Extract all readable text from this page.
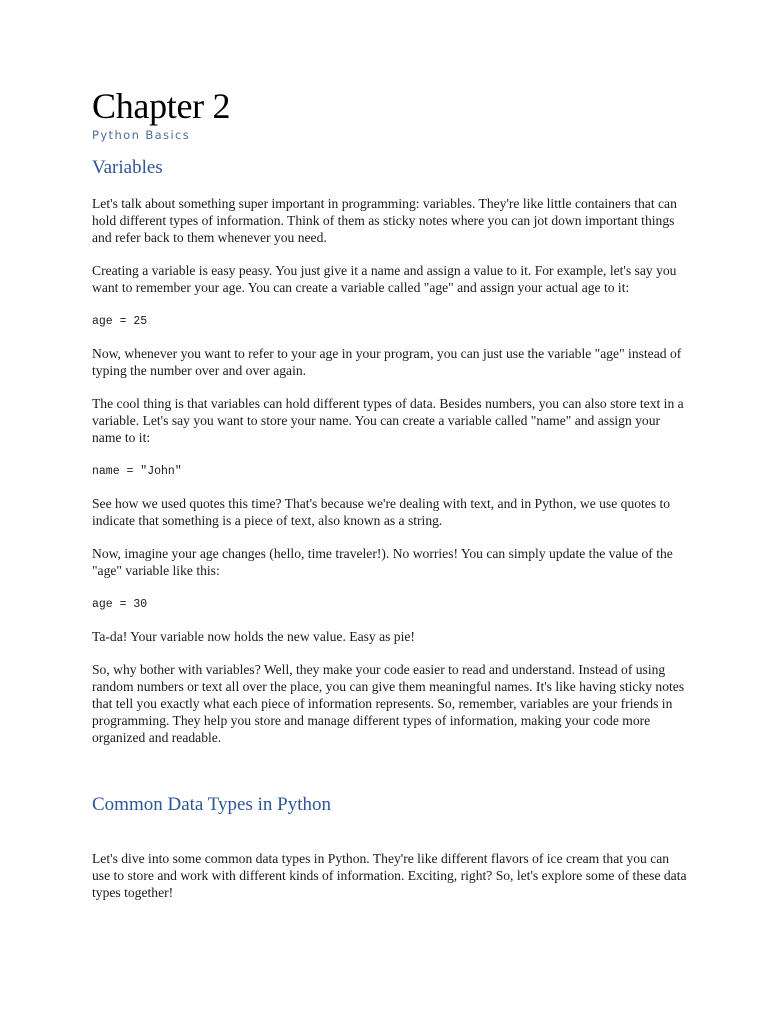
Chapter 2
Python Basics
Variables

Let's talk about something super important in programming: variables. They're like little containers that can hold different types of information. Think of them as sticky notes where you can jot down important things and refer back to them whenever you need.

Creating a variable is easy peasy. You just give it a name and assign a value to it. For example, let's say you want to remember your age. You can create a variable called "age" and assign your actual age to it:

age = 25

Now, whenever you want to refer to your age in your program, you can just use the variable "age" instead of typing the number over and over again.

The cool thing is that variables can hold different types of data. Besides numbers, you can also store text in a variable. Let's say you want to store your name. You can create a variable called "name" and assign your name to it:

name = "John"

See how we used quotes this time? That's because we're dealing with text, and in Python, we use quotes to indicate that something is a piece of text, also known as a string.

Now, imagine your age changes (hello, time traveler!). No worries! You can simply update the value of the "age" variable like this:

age = 30

Ta-da! Your variable now holds the new value. Easy as pie!

So, why bother with variables? Well, they make your code easier to read and understand. Instead of using random numbers or text all over the place, you can give them meaningful names. It's like having sticky notes that tell you exactly what each piece of information represents. So, remember, variables are your friends in programming. They help you store and manage different types of information, making your code more organized and readable.

Common Data Types in Python

Let's dive into some common data types in Python. They're like different flavors of ice cream that you can use to store and work with different kinds of information. Exciting, right? So, let's explore some of these data types together!
